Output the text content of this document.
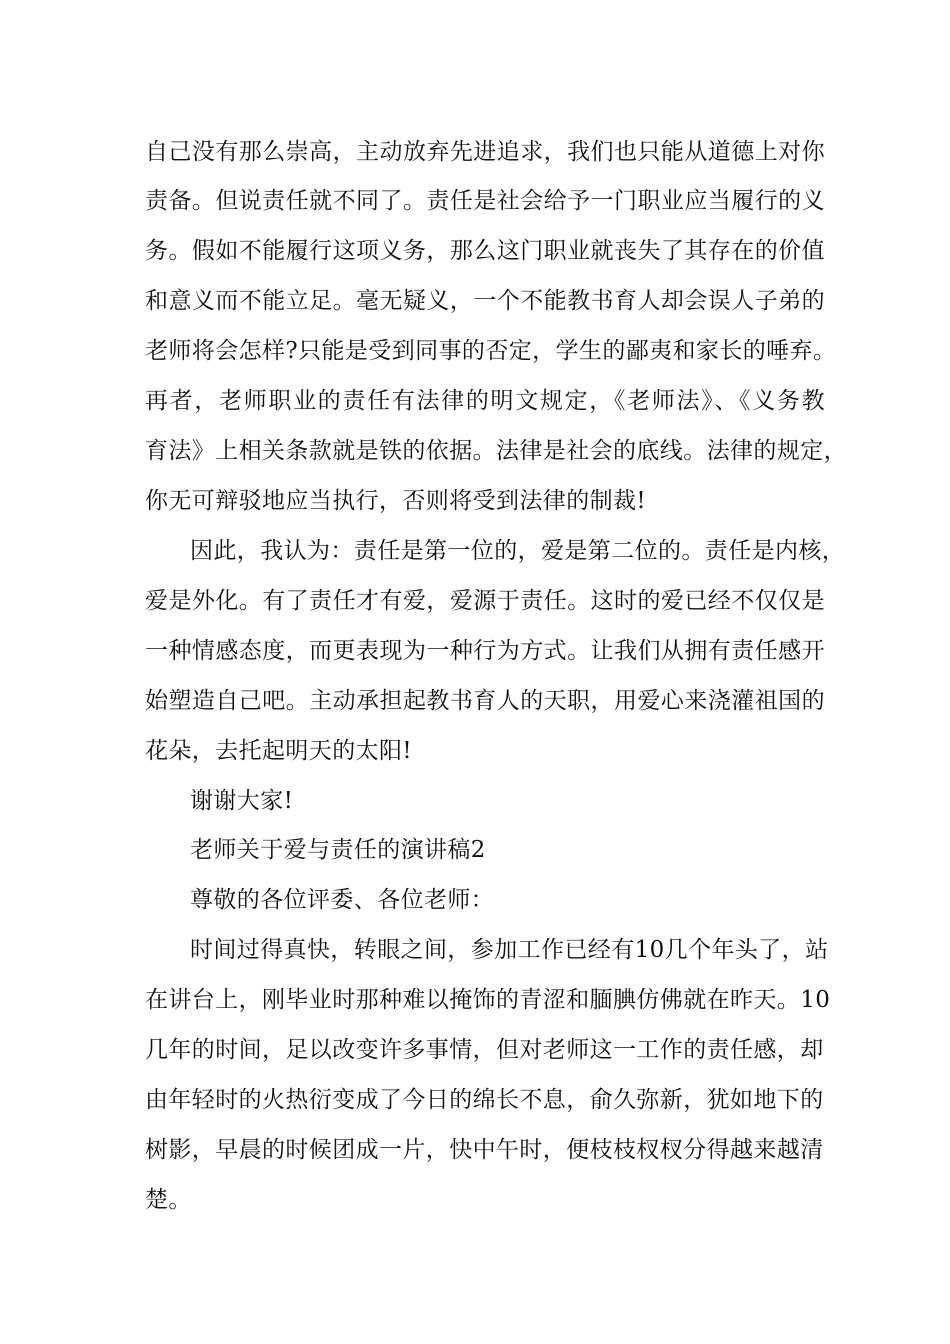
自己没有那么崇高，主动放弃先进追求，我们也只能从道德上对你
责备。但说责任就不同了。责任是社会给予一门职业应当履行的义
务。假如不能履行这项义务，那么这门职业就丧失了其存在的价值
和意义而不能立足。毫无疑义，一个不能教书育人却会误人子弟的
老师将会怎样?只能是受到同事的否定，学生的鄙夷和家长的唾弃。
再者，老师职业的责任有法律的明文规定，《老师法》、《义务教
育法》上相关条款就是铁的依据。法律是社会的底线。法律的规定，
你无可辩驳地应当执行，否则将受到法律的制裁!
因此，我认为：责任是第一位的，爱是第二位的。责任是内核，
爱是外化。有了责任才有爱，爱源于责任。这时的爱已经不仅仅是
一种情感态度，而更表现为一种行为方式。让我们从拥有责任感开
始塑造自己吧。主动承担起教书育人的天职，用爱心来浇灌祖国的
花朵，去托起明天的太阳!
谢谢大家!
老师关于爱与责任的演讲稿2
尊敬的各位评委、各位老师：
时间过得真快，转眼之间，参加工作已经有10几个年头了，站
在讲台上，刚毕业时那种难以掩饰的青涩和腼腆仿佛就在昨天。10
几年的时间，足以改变许多事情，但对老师这一工作的责任感，却
由年轻时的火热衍变成了今日的绵长不息，俞久弥新，犹如地下的
树影，早晨的时候团成一片，快中午时，便枝枝杈杈分得越来越清
楚。
